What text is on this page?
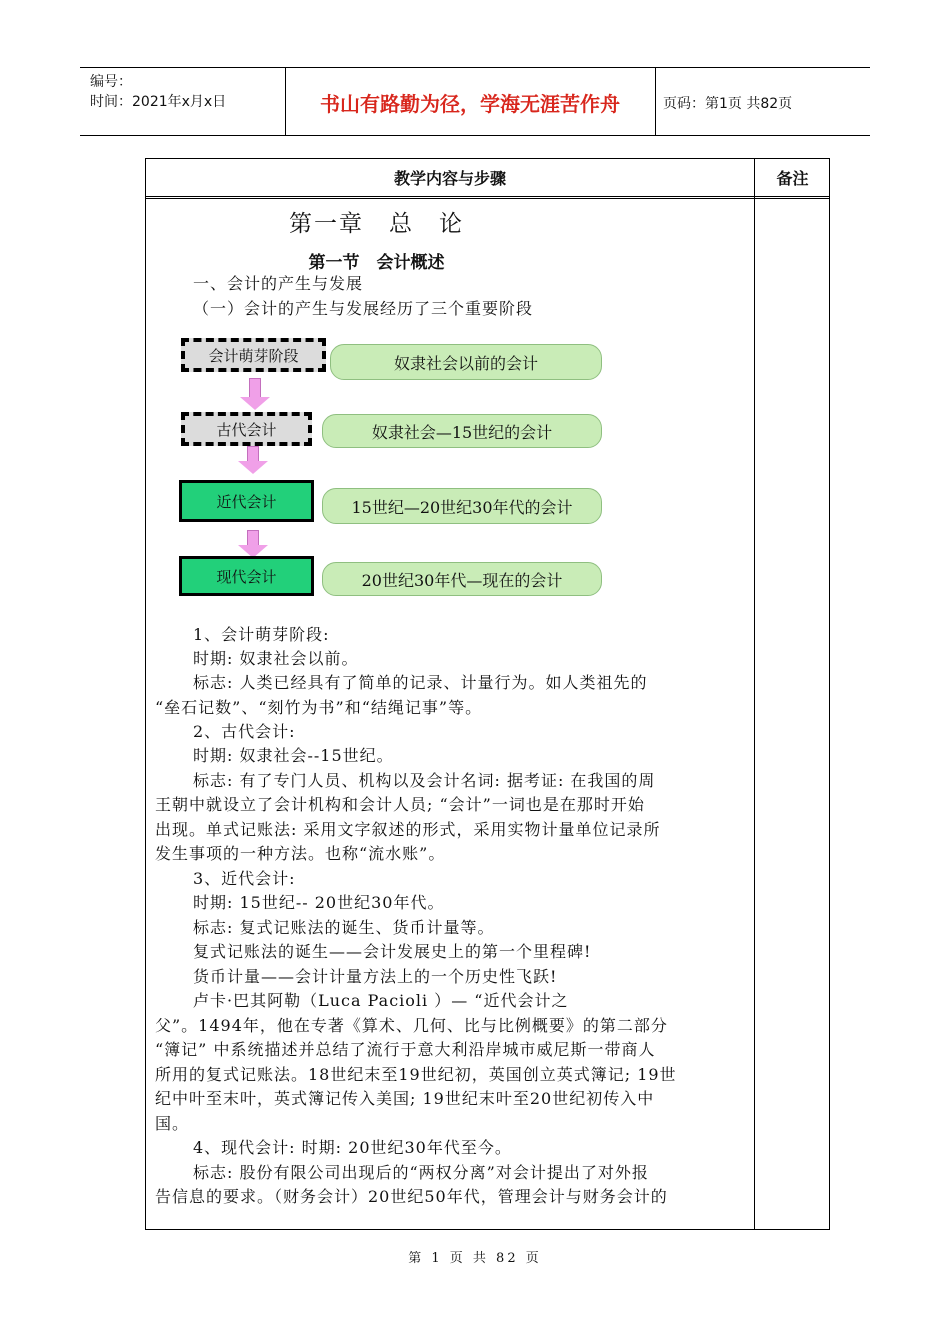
编号：
时间：2021年x月x日	书山有路勤为径，学海无涯苦作舟	页码：第1页 共82页
教学内容与步骤	备注
第一章　总　论
第一节　会计概述
一、会计的产生与发展
（一）会计的产生与发展经历了三个重要阶段
会计萌芽阶段	奴隶社会以前的会计
古代会计	奴隶社会—15世纪的会计
近代会计	15世纪—20世纪30年代的会计
现代会计	20世纪30年代—现在的会计
1、会计萌芽阶段:
时期: 奴隶社会以前。
标志: 人类已经具有了简单的记录、计量行为。如人类祖先的
“垒石记数”、“刻竹为书”和“结绳记事”等。
2、古代会计:
时期: 奴隶社会--15世纪。
标志: 有了专门人员、机构以及会计名词: 据考证: 在我国的周
王朝中就设立了会计机构和会计人员; “会计”一词也是在那时开始
出现。单式记账法: 采用文字叙述的形式，采用实物计量单位记录所
发生事项的一种方法。也称“流水账”。
3、近代会计:
时期: 15世纪-- 20世纪30年代。
标志: 复式记账法的诞生、货币计量等。
复式记账法的诞生——会计发展史上的第一个里程碑!
货币计量——会计计量方法上的一个历史性飞跃!
卢卡·巴其阿勒（Luca Pacioli ）— “近代会计之
父”。1494年，他在专著《算术、几何、比与比例概要》的第二部分
“簿记” 中系统描述并总结了流行于意大利沿岸城市威尼斯一带商人
所用的复式记账法。18世纪末至19世纪初，英国创立英式簿记; 19世
纪中叶至末叶，英式簿记传入美国; 19世纪末叶至20世纪初传入中
国。
4、现代会计: 时期: 20世纪30年代至今。
标志: 股份有限公司出现后的“两权分离”对会计提出了对外报
告信息的要求。（财务会计）20世纪50年代，管理会计与财务会计的
第 1 页 共 82 页
